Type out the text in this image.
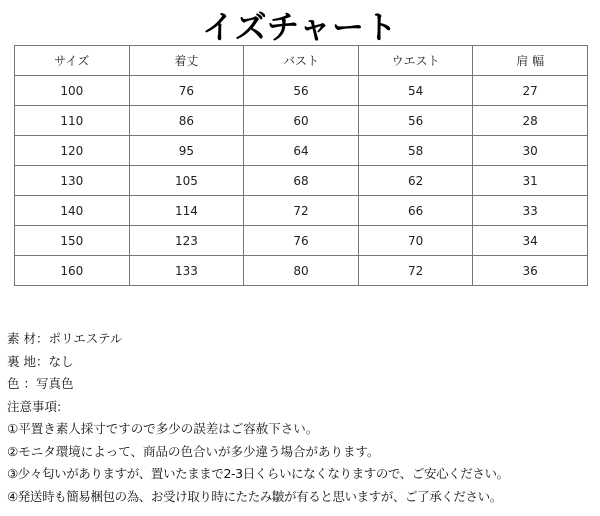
イズチャート
サイズ	着丈	バスト	ウエスト	肩 幅
100	76	56	54	27
110	86	60	56	28
120	95	64	58	30
130	105	68	62	31
140	114	72	66	33
150	123	76	70	34
160	133	80	72	36
素 材：ポリエステル
裏 地：なし
色 ：写真色
注意事項:
①平置き素人採寸ですので多少の誤差はご容赦下さい。
②モニタ環境によって、商品の色合いが多少違う場合があります。
③少々匂いがありますが、置いたままで2-3日くらいになくなりますので、ご安心ください。
④発送時も簡易梱包の為、お受け取り時にたたみ皺が有ると思いますが、ご了承ください。
